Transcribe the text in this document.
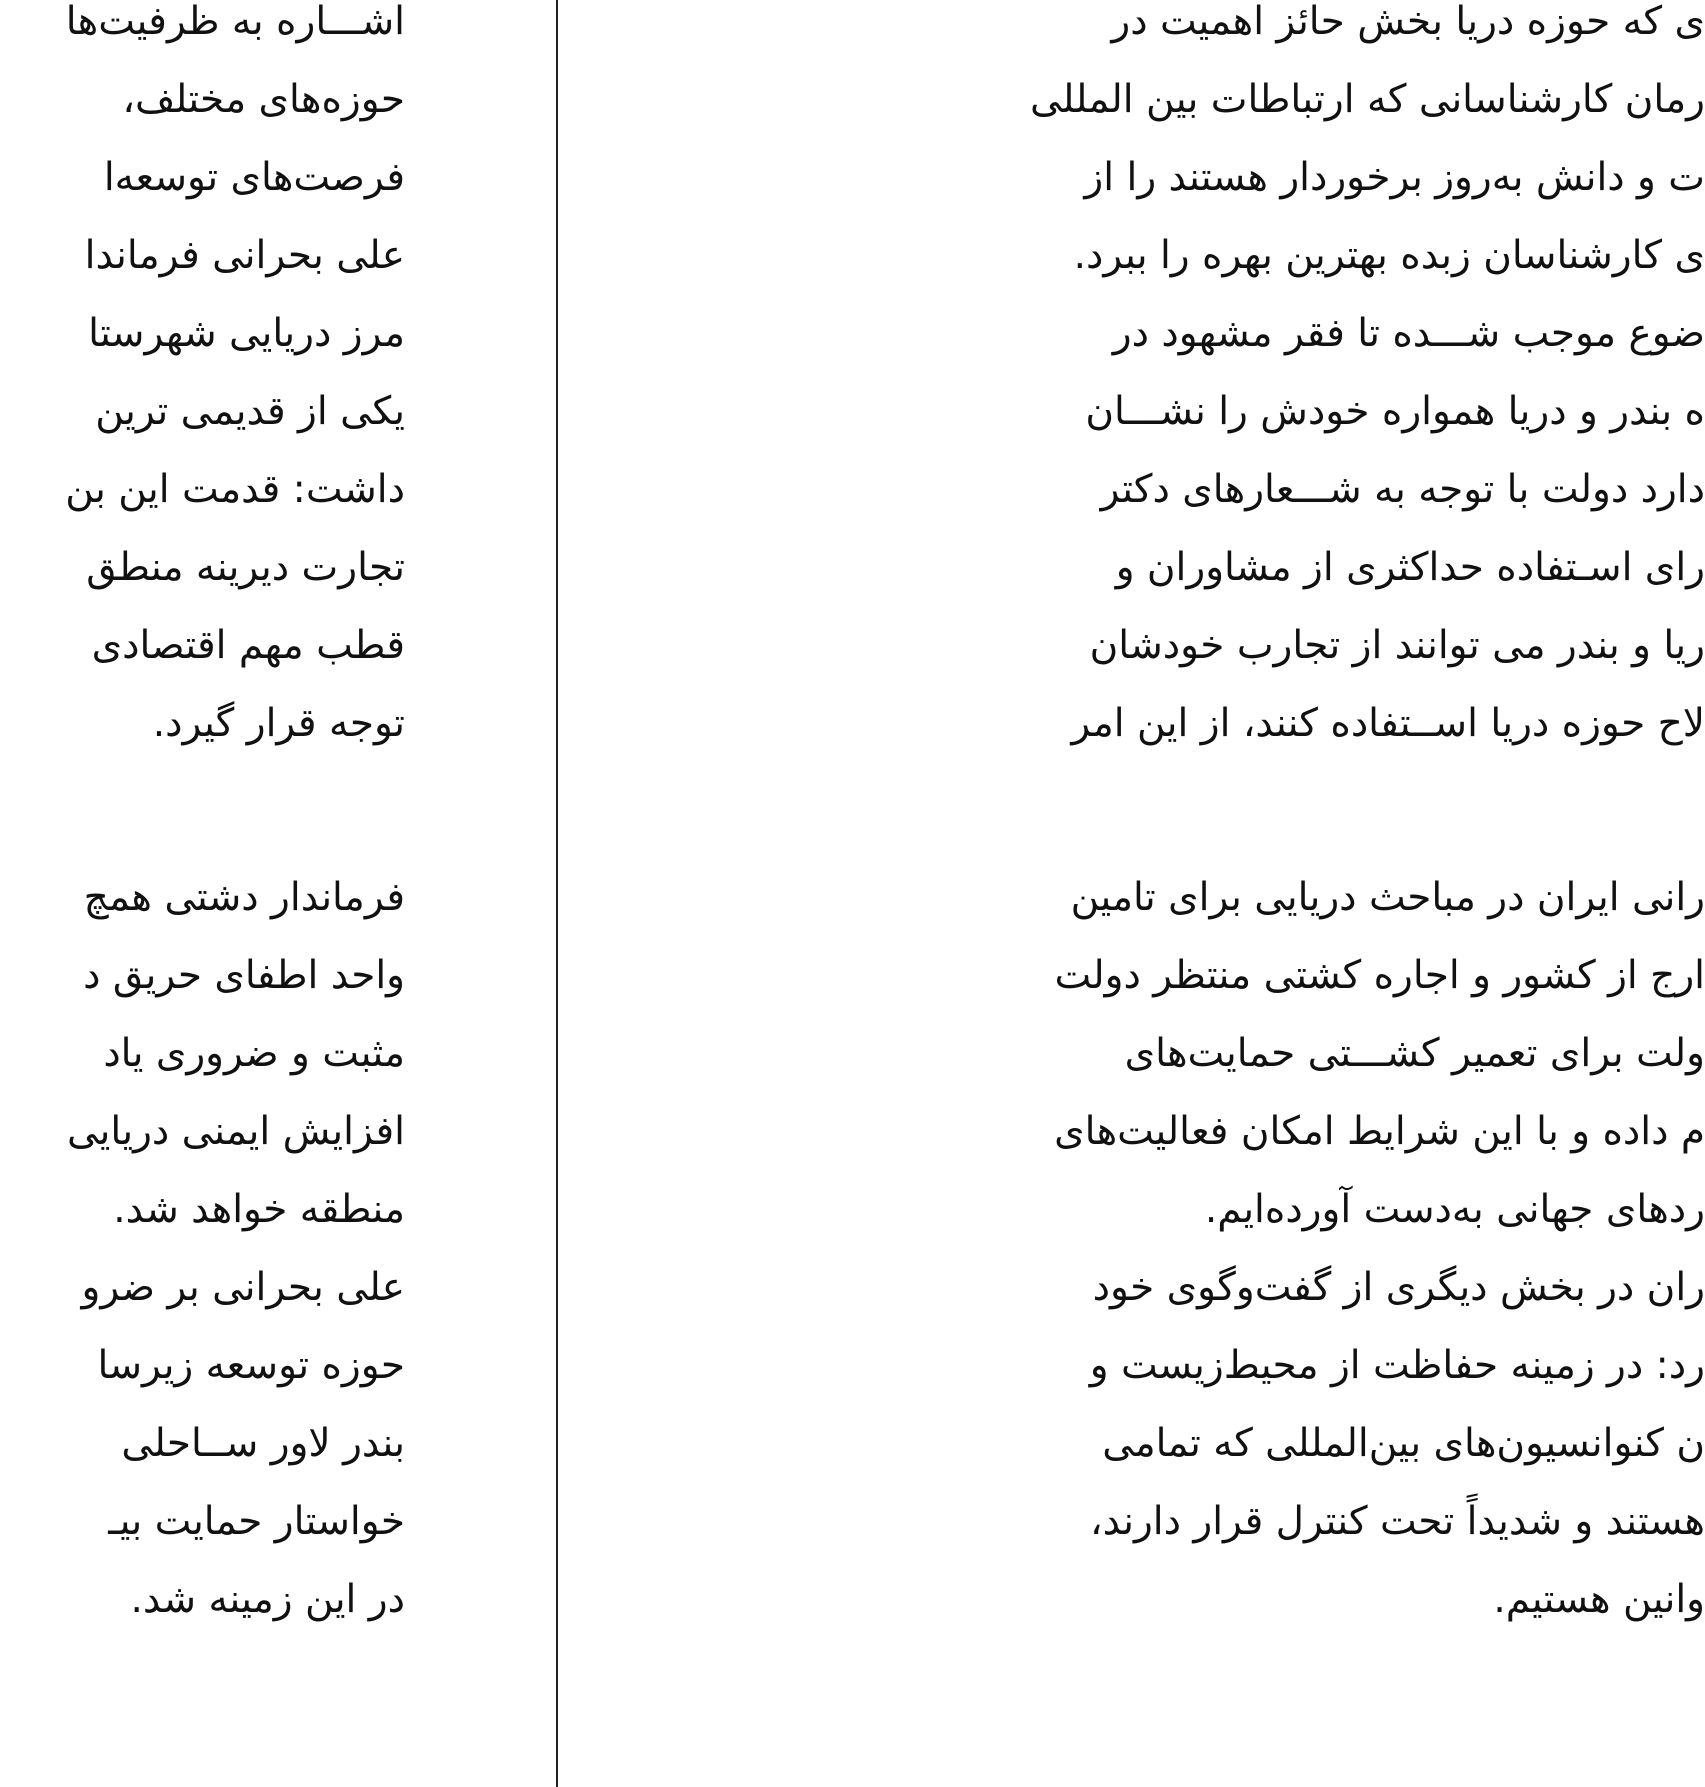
اشـــاره به ظرفیت‌ها
حوزه‌های مختلف،
فرصت‌های توسعه‌ا
علی بحرانی فرماندا
مرز دریایی شهرستا
یکی از قدیمی ترین
داشت: قدمت این بن
تجارت دیرینه منطق
قطب مهم اقتصادی
توجه قرار گیرد.
فرماندار دشتی همچ
واحد اطفای حریق د
مثبت و ضروری یاد
افزایش ایمنی دریایی
منطقه خواهد شد.
علی بحرانی بر ضرو
حوزه توسعه زیرسا
بندر لاور ســاحلی
خواستار حمایت بیـ
در این زمینه شد.
ی که حوزه دریا بخش حائز اهمیت در
رمان کارشناسانی که ارتباطات بین المللی
ت و دانش به‌روز برخوردار هستند را از
ی کارشناسان زبده بهترین بهره را ببرد.
ضوع موجب شـــده تا فقر مشهود در
ه بندر و دریا همواره خودش را نشـــان
دارد دولت با توجه به شـــعارهای دکتر
رای اسـتفاده حداکثری از مشاوران و
ریا و بندر می توانند از تجارب خودشان
لاح حوزه دریا اســتفاده کنند، از این امر
رانی ایران در مباحث دریایی برای تامین
ارج از کشور و اجاره کشتی منتظر دولت
ولت برای تعمیر کشـــتی حمایت‌های
م داده و با این شرایط امکان فعالیت‌های
ردهای جهانی به‌دست آورده‌ایم.
ران در بخش دیگری از گفت‌وگوی خود
رد: در زمینه حفاظت از محیط‌زیست و
ن کنوانسیون‌های بین‌المللی که تمامی
هستند و شدیداً تحت کنترل قرار دارند،
وانین هستیم.
